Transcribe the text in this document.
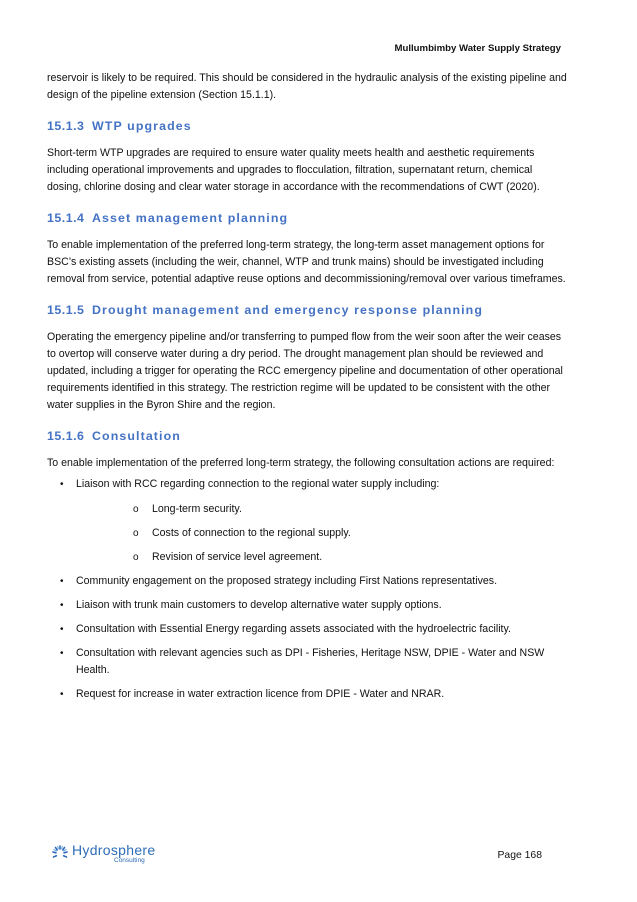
Mullumbimby Water Supply Strategy

reservoir is likely to be required. This should be considered in the hydraulic analysis of the existing pipeline and design of the pipeline extension (Section 15.1.1).

15.1.3 WTP upgrades

Short-term WTP upgrades are required to ensure water quality meets health and aesthetic requirements including operational improvements and upgrades to flocculation, filtration, supernatant return, chemical dosing, chlorine dosing and clear water storage in accordance with the recommendations of CWT (2020).

15.1.4 Asset management planning

To enable implementation of the preferred long-term strategy, the long-term asset management options for BSC’s existing assets (including the weir, channel, WTP and trunk mains) should be investigated including removal from service, potential adaptive reuse options and decommissioning/removal over various timeframes.

15.1.5 Drought management and emergency response planning

Operating the emergency pipeline and/or transferring to pumped flow from the weir soon after the weir ceases to overtop will conserve water during a dry period. The drought management plan should be reviewed and updated, including a trigger for operating the RCC emergency pipeline and documentation of other operational requirements identified in this strategy. The restriction regime will be updated to be consistent with the other water supplies in the Byron Shire and the region.

15.1.6 Consultation

To enable implementation of the preferred long-term strategy, the following consultation actions are required:

• Liaison with RCC regarding connection to the regional water supply including:
o Long-term security.
o Costs of connection to the regional supply.
o Revision of service level agreement.
• Community engagement on the proposed strategy including First Nations representatives.
• Liaison with trunk main customers to develop alternative water supply options.
• Consultation with Essential Energy regarding assets associated with the hydroelectric facility.
• Consultation with relevant agencies such as DPI - Fisheries, Heritage NSW, DPIE - Water and NSW Health.
• Request for increase in water extraction licence from DPIE - Water and NRAR.
Hydrosphere
Consulting	Page 168
